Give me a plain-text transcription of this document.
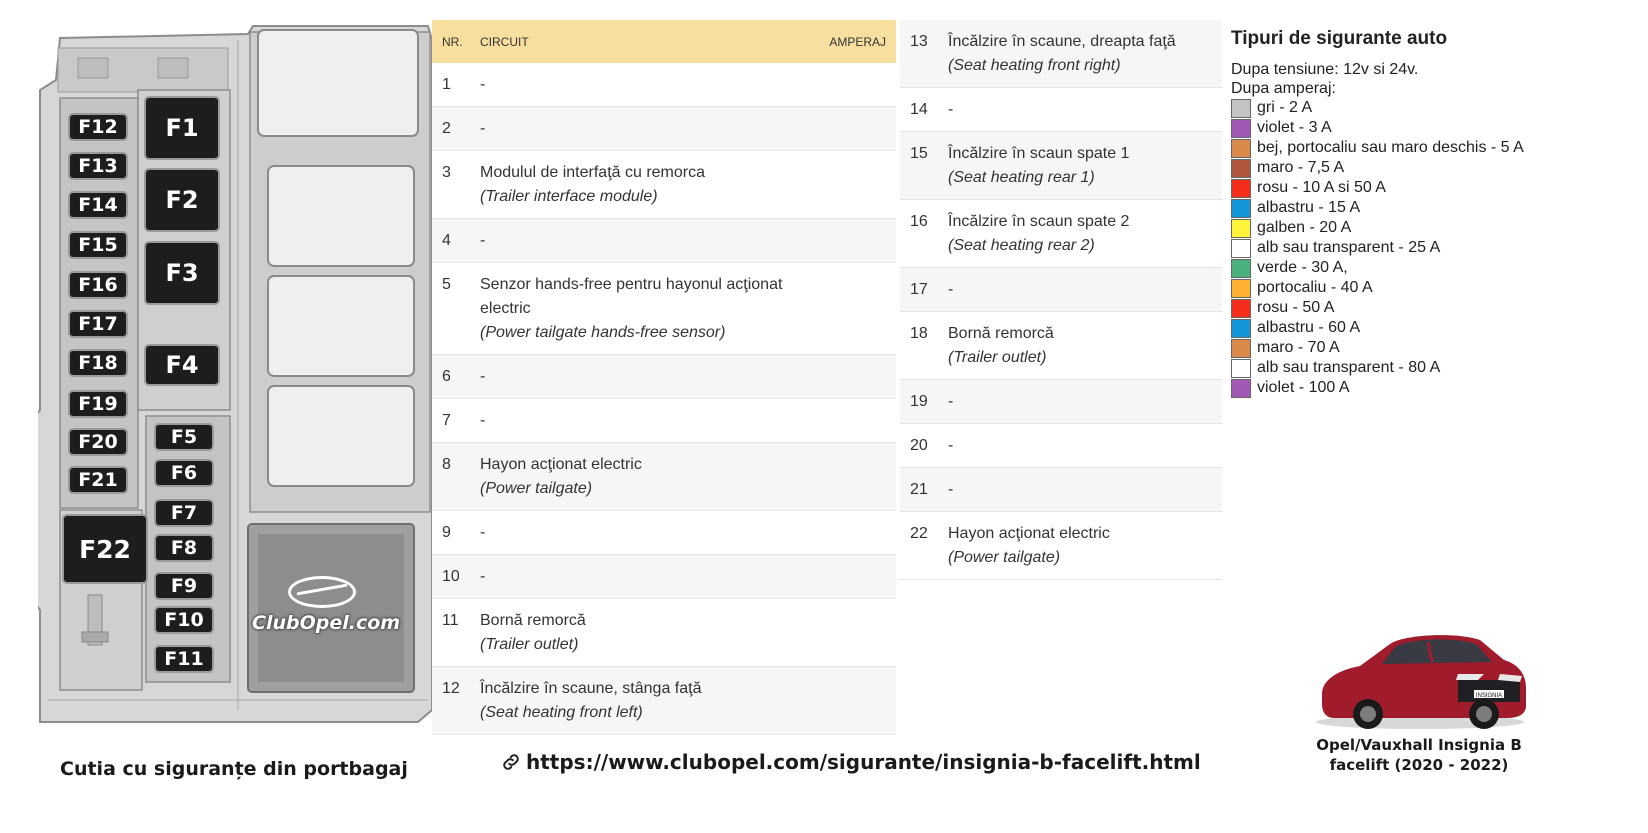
F12
F13
F14
F15
F16
F17
F18
F19
F20
F21
F1
F2
F3
F4
F5
F6
F7
F8
F9
F10
F11
F22
ClubOpel.com
Cutia cu siguranțe din portbagaj
NR.	CIRCUIT	AMPERAJ
1	-
2	-
3	Modulul de interfaţă cu remorca
(Trailer interface module)
4	-
5	Senzor hands-free pentru hayonul acţionat electric
(Power tailgate hands-free sensor)
6	-
7	-
8	Hayon acţionat electric
(Power tailgate)
9	-
10	-
11	Bornă remorcă
(Trailer outlet)
12	Încălzire în scaune, stânga faţă
(Seat heating front left)
13	Încălzire în scaune, dreapta faţă
(Seat heating front right)
14	-
15	Încălzire în scaun spate 1
(Seat heating rear 1)
16	Încălzire în scaun spate 2
(Seat heating rear 2)
17	-
18	Bornă remorcă
(Trailer outlet)
19	-
20	-
21	-
22	Hayon acţionat electric
(Power tailgate)
Tipuri de sigurante auto
Dupa tensiune: 12v si 24v.
Dupa amperaj:
gri - 2 A
violet - 3 A
bej, portocaliu sau maro deschis - 5 A
maro - 7,5 A
rosu - 10 A si 50 A
albastru - 15 A
galben - 20 A
alb sau transparent - 25 A
verde - 30 A,
portocaliu - 40 A
rosu - 50 A
albastru - 60 A
maro - 70 A
alb sau transparent - 80 A
violet - 100 A
INSIGNIA
Opel/Vauxhall Insignia B
facelift (2020 - 2022)
https://www.clubopel.com/sigurante/insignia-b-facelift.html
